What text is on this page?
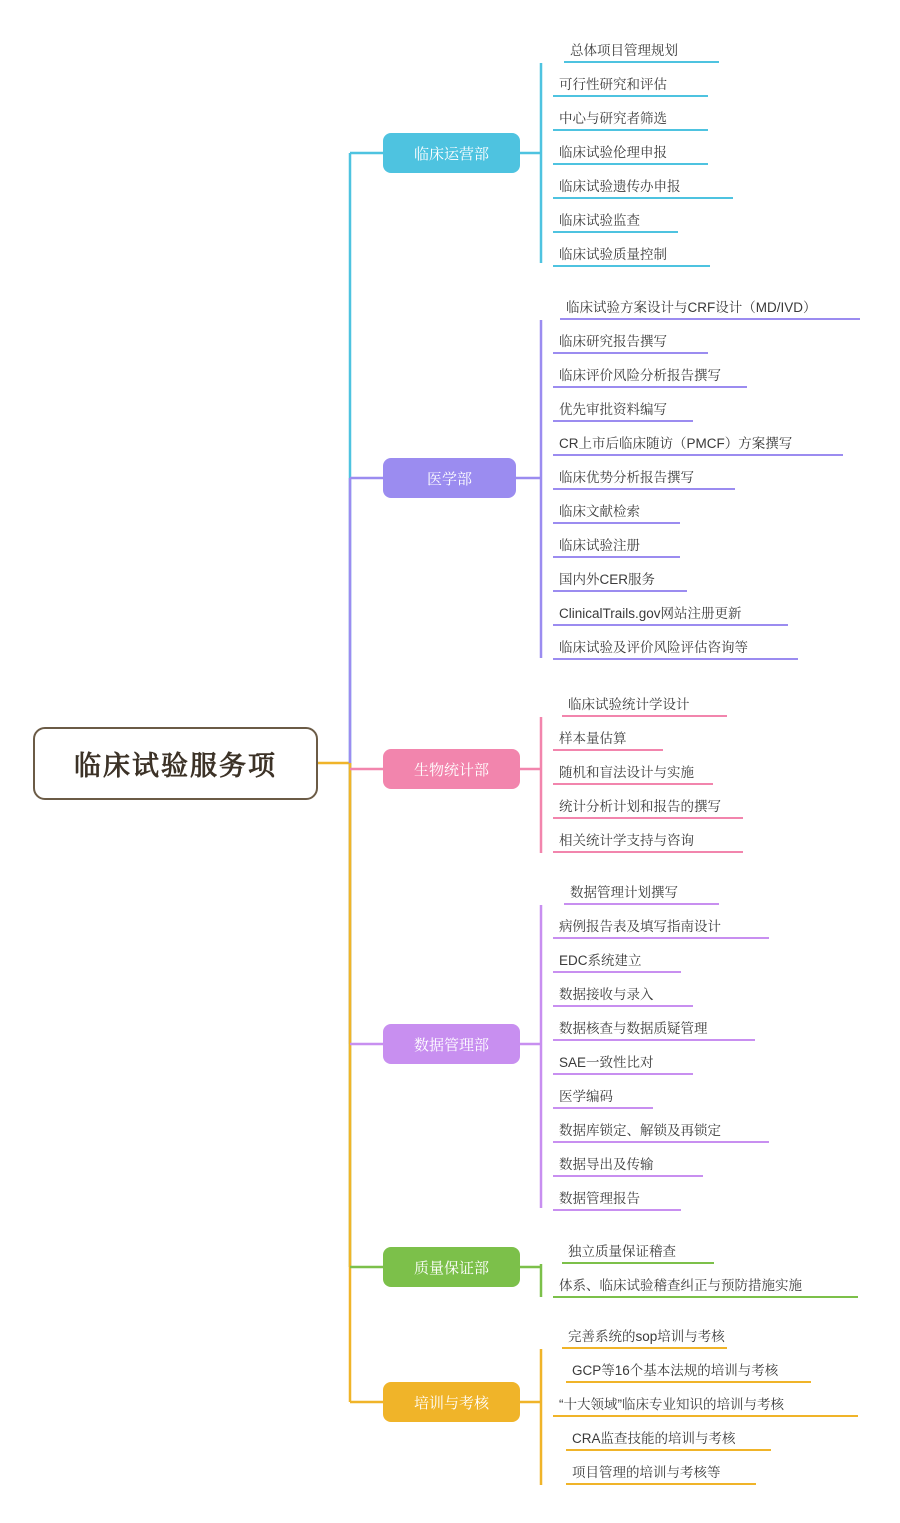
临床试验服务项
临床运营部
总体项目管理规划
可行性研究和评估
中心与研究者筛选
临床试验伦理申报
临床试验遗传办申报
临床试验监查
临床试验质量控制
医学部
临床试验方案设计与CRF设计（MD/IVD）
临床研究报告撰写
临床评价风险分析报告撰写
优先审批资料编写
CR上市后临床随访（PMCF）方案撰写
临床优势分析报告撰写
临床文献检索
临床试验注册
国内外CER服务
ClinicalTrails.gov网站注册更新
临床试验及评价风险评估咨询等
生物统计部
临床试验统计学设计
样本量估算
随机和盲法设计与实施
统计分析计划和报告的撰写
相关统计学支持与咨询
数据管理部
数据管理计划撰写
病例报告表及填写指南设计
EDC系统建立
数据接收与录入
数据核查与数据质疑管理
SAE一致性比对
医学编码
数据库锁定、解锁及再锁定
数据导出及传输
数据管理报告
质量保证部
独立质量保证稽查
体系、临床试验稽查纠正与预防措施实施
培训与考核
完善系统的sop培训与考核
GCP等16个基本法规的培训与考核
“十大领域”临床专业知识的培训与考核
CRA监查技能的培训与考核
项目管理的培训与考核等
